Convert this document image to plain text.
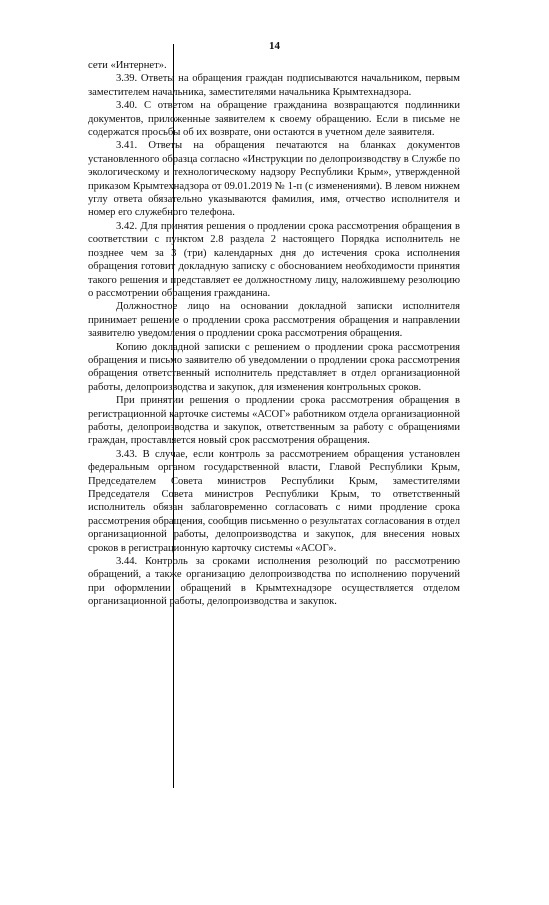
14

сети «Интернет».

3.39. Ответы на обращения граждан подписываются начальником, первым заместителем начальника, заместителями начальника Крымтехнадзора.

3.40. С ответом на обращение гражданина возвращаются подлинники документов, приложенные заявителем к своему обращению. Если в письме не содержатся просьбы об их возврате, они остаются в учетном деле заявителя.

3.41. Ответы на обращения печатаются на бланках документов установленного образца согласно «Инструкции по делопроизводству в Службе по экологическому и технологическому надзору Республики Крым», утвержденной приказом Крымтехнадзора от 09.01.2019 № 1-п (с изменениями). В левом нижнем углу ответа обязательно указываются фамилия, имя, отчество исполнителя и номер его служебного телефона.

3.42. Для принятия решения о продлении срока рассмотрения обращения в соответствии с пунктом 2.8 раздела 2 настоящего Порядка исполнитель не позднее чем за 3 (три) календарных дня до истечения срока исполнения обращения готовит докладную записку с обоснованием необходимости принятия такого решения и представляет ее должностному лицу, наложившему резолюцию о рассмотрении обращения гражданина.

Должностное лицо на основании докладной записки исполнителя принимает решение о продлении срока рассмотрения обращения и направлении заявителю уведомления о продлении срока рассмотрения обращения.

Копию докладной записки с решением о продлении срока рассмотрения обращения и письмо заявителю об уведомлении о продлении срока рассмотрения обращения ответственный исполнитель представляет в отдел организационной работы, делопроизводства и закупок, для изменения контрольных сроков.

При принятии решения о продлении срока рассмотрения обращения в регистрационной карточке системы «АСОГ» работником отдела организационной работы, делопроизводства и закупок, ответственным за работу с обращениями граждан, проставляется новый срок рассмотрения обращения.

3.43. В случае, если контроль за рассмотрением обращения установлен федеральным органом государственной власти, Главой Республики Крым, Председателем Совета министров Республики Крым, заместителями Председателя Совета министров Республики Крым, то ответственный исполнитель обязан заблаговременно согласовать с ними продление срока рассмотрения обращения, сообщив письменно о результатах согласования в отдел организационной работы, делопроизводства и закупок, для внесения новых сроков в регистрационную карточку системы «АСОГ».

3.44. Контроль за сроками исполнения резолюций по рассмотрению обращений, а также организацию делопроизводства по исполнению поручений при оформлении обращений в Крымтехнадзоре осуществляется отделом организационной работы, делопроизводства и закупок.
